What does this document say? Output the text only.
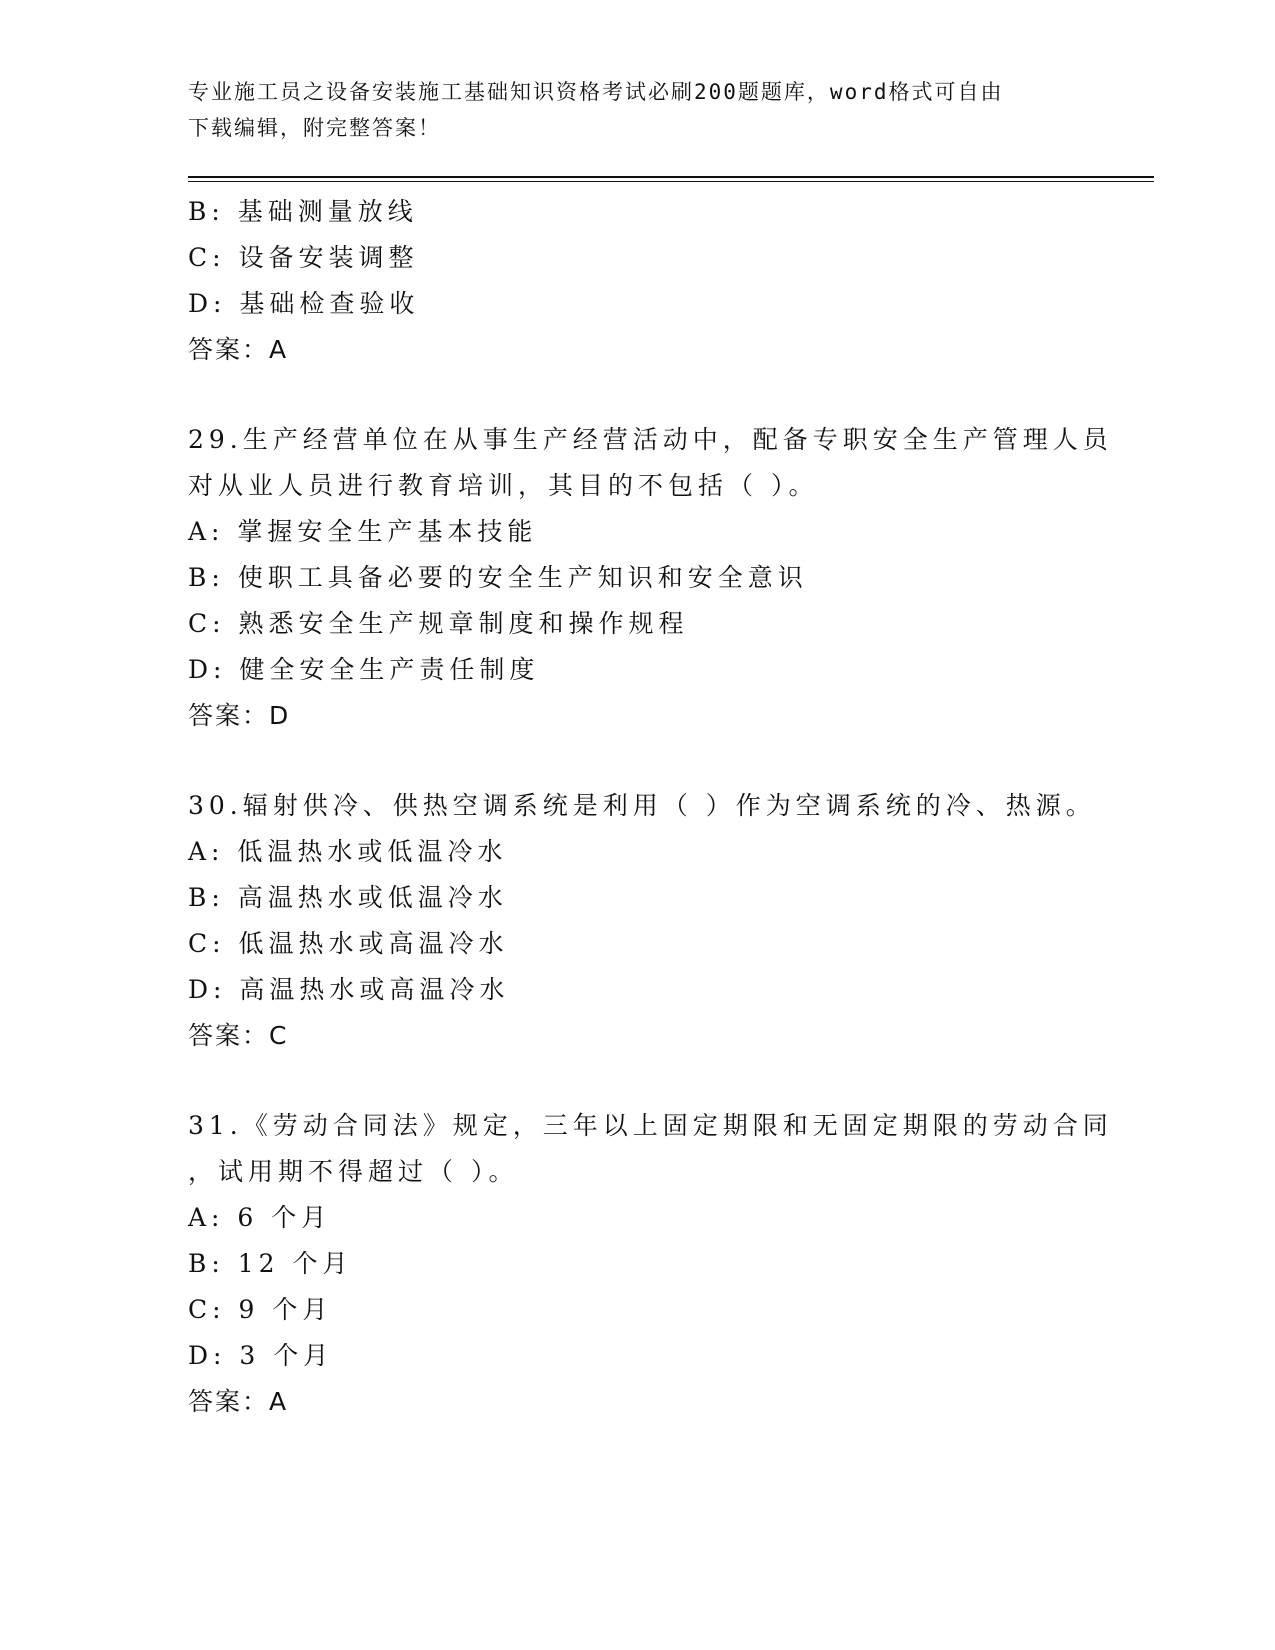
专业施工员之设备安装施工基础知识资格考试必刷200题题库，word格式可自由
下载编辑，附完整答案！
B: 基础测量放线
C: 设备安装调整
D: 基础检查验收
答案：A
29.生产经营单位在从事生产经营活动中，配备专职安全生产管理人员
对从业人员进行教育培训，其目的不包括（ ）。
A: 掌握安全生产基本技能
B: 使职工具备必要的安全生产知识和安全意识
C: 熟悉安全生产规章制度和操作规程
D: 健全安全生产责任制度
答案：D
30.辐射供冷、供热空调系统是利用（ ）作为空调系统的冷、热源。
A: 低温热水或低温冷水
B: 高温热水或低温冷水
C: 低温热水或高温冷水
D: 高温热水或高温冷水
答案：C
31.《劳动合同法》规定，三年以上固定期限和无固定期限的劳动合同
，试用期不得超过（ ）。
A: 6 个月
B: 12 个月
C: 9 个月
D: 3 个月
答案：A
